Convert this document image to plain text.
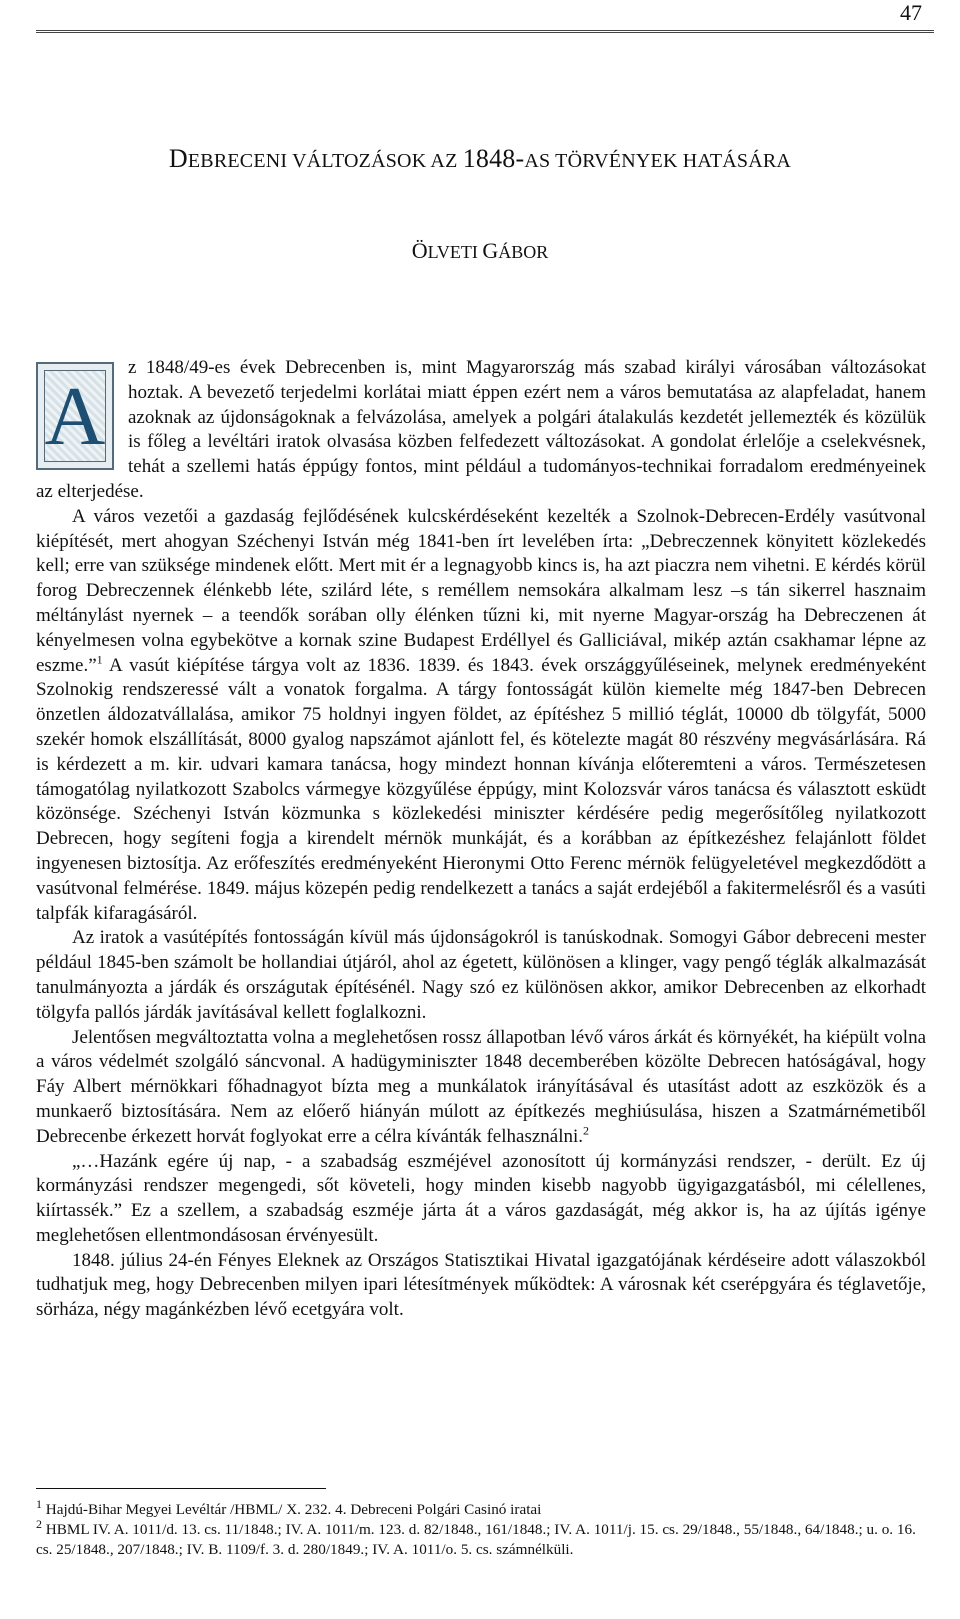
47
DEBRECENI VÁLTOZÁSOK AZ 1848-AS TÖRVÉNYEK HATÁSÁRA
ÖLVETI GÁBOR

A
z 1848/49-es évek Debrecenben is, mint Magyarország más szabad királyi városában változásokat hoztak. A bevezető terjedelmi korlátai miatt éppen ezért nem a város bemutatása az alapfeladat, hanem azoknak az újdonságoknak a felvázolása, amelyek a polgári átalakulás kezdetét jellemezték és közülük is főleg a levéltári iratok olvasása közben felfedezett változásokat. A gondolat érlelője a cselekvésnek, tehát a szellemi hatás éppúgy fontos, mint például a tudományos-technikai forradalom eredményeinek az elterjedése.

A város vezetői a gazdaság fejlődésének kulcskérdéseként kezelték a Szolnok-Debrecen-Erdély vasútvonal kiépítését, mert ahogyan Széchenyi István még 1841-ben írt levelében írta: „Debreczennek könyitett közlekedés kell; erre van szüksége mindenek előtt. Mert mit ér a legnagyobb kincs is, ha azt piaczra nem vihetni. E kérdés körül forog Debreczennek élénkebb léte, szilárd léte, s reméllem nemsokára alkalmam lesz –s tán sikerrel hasznaim méltánylást nyernek – a teendők sorában olly élénken tűzni ki, mit nyerne Magyar-ország ha Debreczenen át kényelmesen volna egybekötve a kornak szine Budapest Erdéllyel és Galliciával, mikép aztán csakhamar lépne az eszme.”$^1$ A vasút kiépítése tárgya volt az 1836. 1839. és 1843. évek országgyűléseinek, melynek eredményeként Szolnokig rendszeressé vált a vonatok forgalma. A tárgy fontosságát külön kiemelte még 1847-ben Debrecen önzetlen áldozatvállalása, amikor 75 holdnyi ingyen földet, az építéshez 5 millió téglát, 10000 db tölgyfát, 5000 szekér homok elszállítását, 8000 gyalog napszámot ajánlott fel, és kötelezte magát 80 részvény megvásárlására. Rá is kérdezett a m. kir. udvari kamara tanácsa, hogy mindezt honnan kívánja előteremteni a város. Természetesen támogatólag nyilatkozott Szabolcs vármegye közgyűlése éppúgy, mint Kolozsvár város tanácsa és választott esküdt közönsége. Széchenyi István közmunka s közlekedési miniszter kérdésére pedig megerősítőleg nyilatkozott Debrecen, hogy segíteni fogja a kirendelt mérnök munkáját, és a korábban az építkezéshez felajánlott földet ingyenesen biztosítja. Az erőfeszítés eredményeként Hieronymi Otto Ferenc mérnök felügyeletével megkezdődött a vasútvonal felmérése. 1849. május közepén pedig rendelkezett a tanács a saját erdejéből a fakitermelésről és a vasúti talpfák kifaragásáról.

Az iratok a vasútépítés fontosságán kívül más újdonságokról is tanúskodnak. Somogyi Gábor debreceni mester például 1845-ben számolt be hollandiai útjáról, ahol az égetett, különösen a klinger, vagy pengő téglák alkalmazását tanulmányozta a járdák és országutak építésénél. Nagy szó ez különösen akkor, amikor Debrecenben az elkorhadt tölgyfa pallós járdák javításával kellett foglalkozni.

Jelentősen megváltoztatta volna a meglehetősen rossz állapotban lévő város árkát és környékét, ha kiépült volna a város védelmét szolgáló sáncvonal. A hadügyminiszter 1848 decemberében közölte Debrecen hatóságával, hogy Fáy Albert mérnökkari főhadnagyot bízta meg a munkálatok irányításával és utasítást adott az eszközök és a munkaerő biztosítására. Nem az előerő hiányán múlott az építkezés meghiúsulása, hiszen a Szatmárnémetiből Debrecenbe érkezett horvát foglyokat erre a célra kívánták felhasználni.$^2$

„…Hazánk egére új nap, - a szabadság eszméjével azonosított új kormányzási rendszer, - derült. Ez új kormányzási rendszer megengedi, sőt követeli, hogy minden kisebb nagyobb ügyigazgatásból, mi célellenes, kiírtassék.” Ez a szellem, a szabadság eszméje járta át a város gazdaságát, még akkor is, ha az újítás igénye meglehetősen ellentmondásosan érvényesült.

1848. július 24-én Fényes Eleknek az Országos Statisztikai Hivatal igazgatójának kérdéseire adott válaszokból tudhatjuk meg, hogy Debrecenben milyen ipari létesítmények működtek: A városnak két cserépgyára és téglavetője, sörháza, négy magánkézben lévő ecetgyára volt.

$^1$ Hajdú-Bihar Megyei Levéltár /HBML/ X. 232. 4. Debreceni Polgári Casinó iratai
$^2$ HBML IV. A. 1011/d. 13. cs. 11/1848.; IV. A. 1011/m. 123. d. 82/1848., 161/1848.; IV. A. 1011/j. 15. cs. 29/1848., 55/1848., 64/1848.; u. o. 16. cs. 25/1848., 207/1848.; IV. B. 1109/f. 3. d. 280/1849.; IV. A. 1011/o. 5. cs. számnélküli.
